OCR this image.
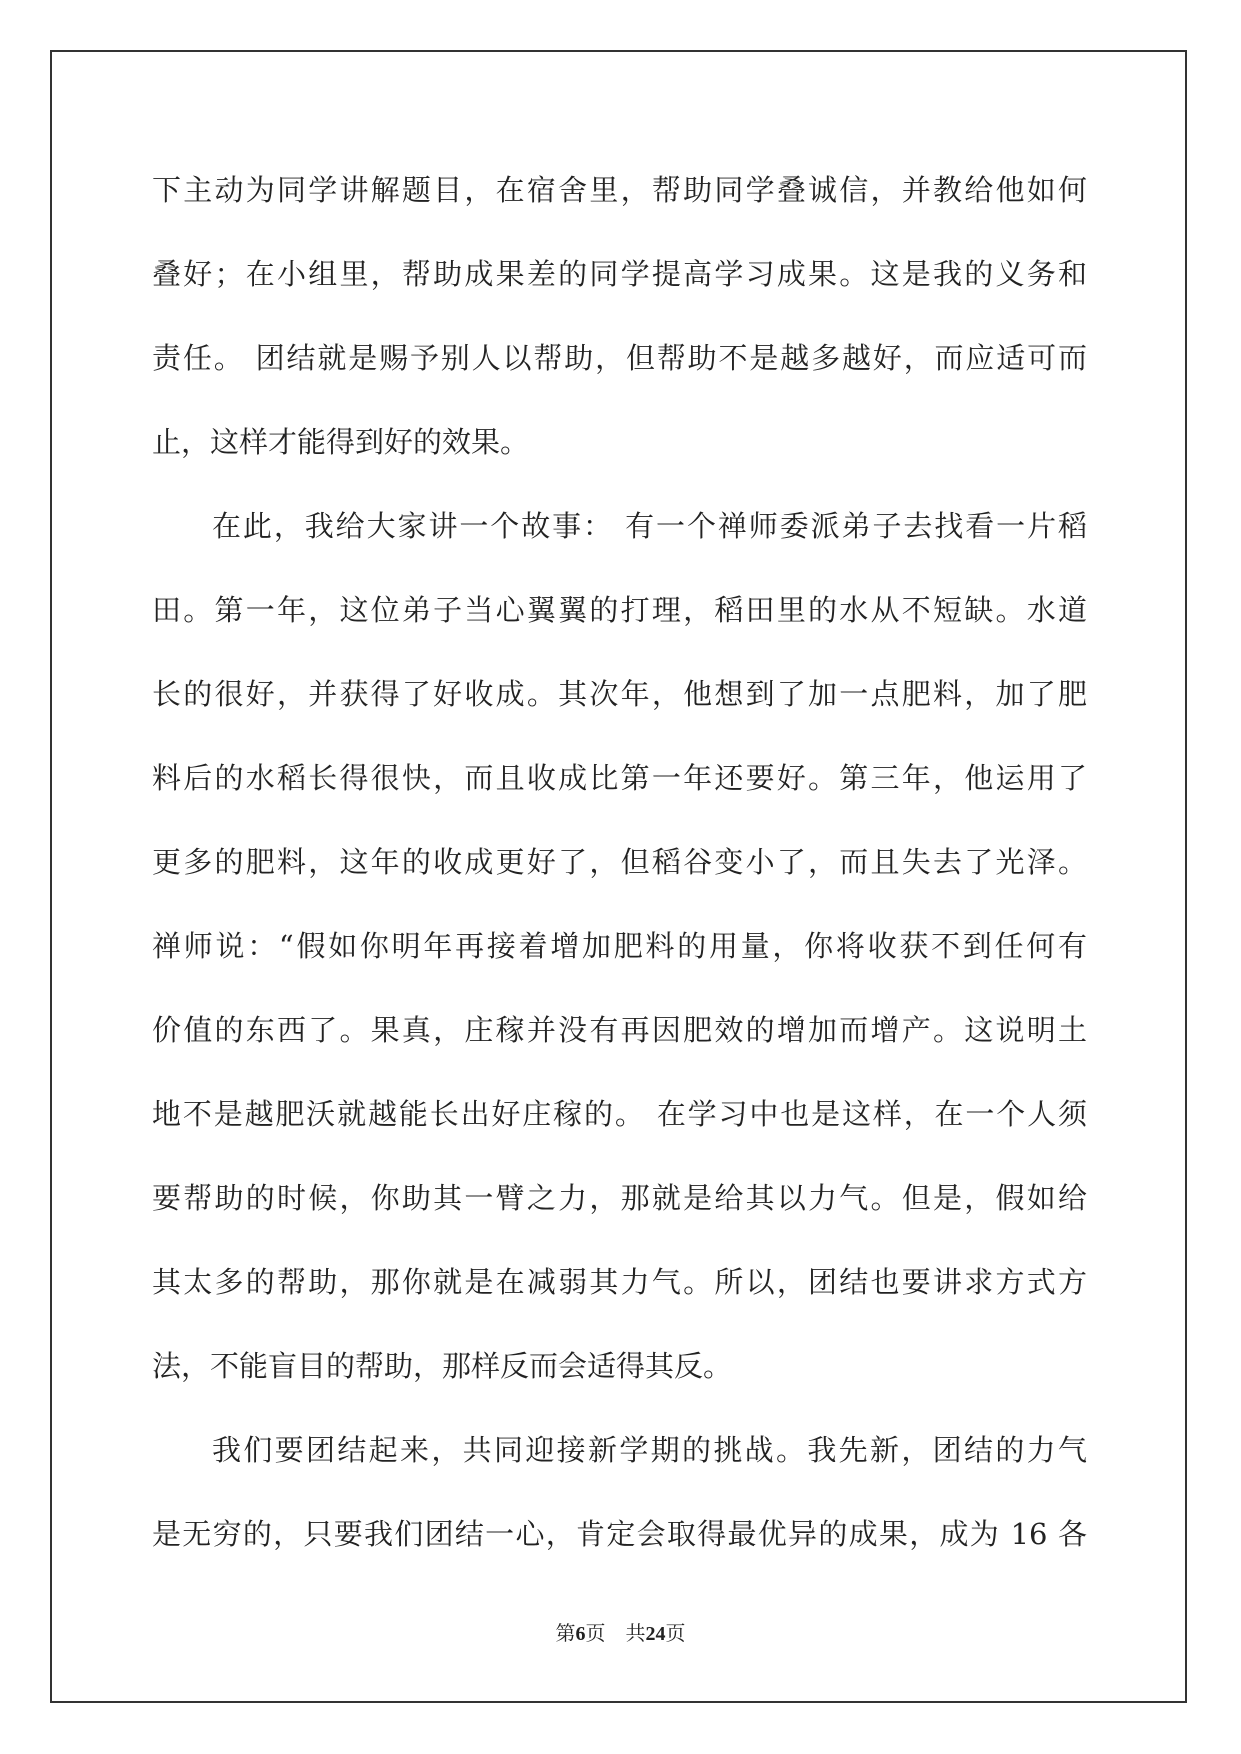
下主动为同学讲解题目，在宿舍里，帮助同学叠诚信，并教给他如何
叠好；在小组里，帮助成果差的同学提高学习成果。这是我的义务和
责任。 团结就是赐予别人以帮助，但帮助不是越多越好，而应适可而
止，这样才能得到好的效果。
在此，我给大家讲一个故事： 有一个禅师委派弟子去找看一片稻
田。第一年，这位弟子当心翼翼的打理，稻田里的水从不短缺。水道
长的很好，并获得了好收成。其次年，他想到了加一点肥料，加了肥
料后的水稻长得很快，而且收成比第一年还要好。第三年，他运用了
更多的肥料，这年的收成更好了，但稻谷变小了，而且失去了光泽。
禅师说：“假如你明年再接着增加肥料的用量，你将收获不到任何有
价值的东西了。果真，庄稼并没有再因肥效的增加而增产。这说明土
地不是越肥沃就越能长出好庄稼的。 在学习中也是这样，在一个人须
要帮助的时候，你助其一臂之力，那就是给其以力气。但是，假如给
其太多的帮助，那你就是在减弱其力气。所以，团结也要讲求方式方
法，不能盲目的帮助，那样反而会适得其反。
我们要团结起来，共同迎接新学期的挑战。我先新，团结的力气
是无穷的，只要我们团结一心，肯定会取得最优异的成果，成为 16 各
第6页 共24页
